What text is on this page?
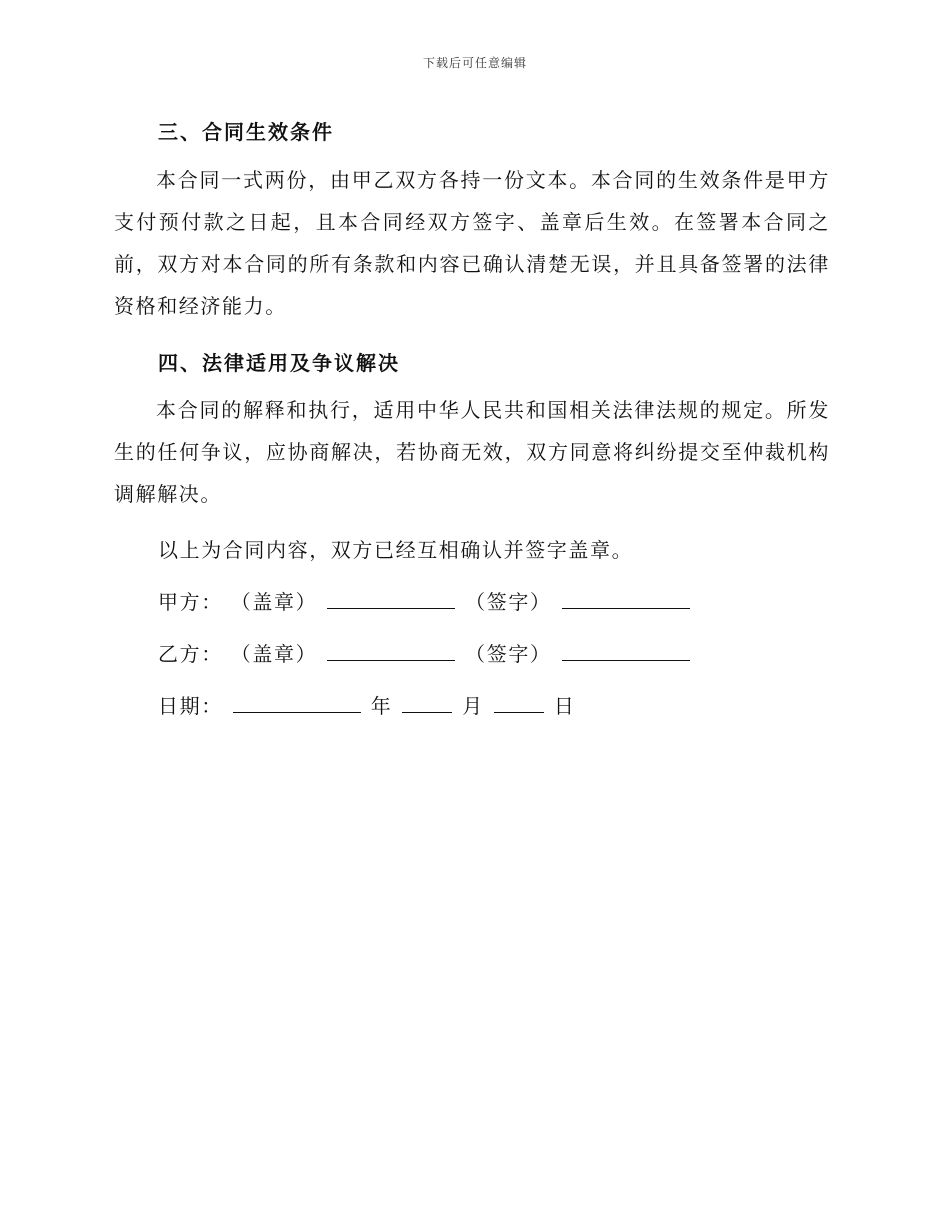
下载后可任意编辑
三、合同生效条件
本合同一式两份，由甲乙双方各持一份文本。本合同的生效条件是甲方支付预付款之日起，且本合同经双方签字、盖章后生效。在签署本合同之前，双方对本合同的所有条款和内容已确认清楚无误，并且具备签署的法律资格和经济能力。
四、法律适用及争议解决
本合同的解释和执行，适用中华人民共和国相关法律法规的规定。所发生的任何争议，应协商解决，若协商无效，双方同意将纠纷提交至仲裁机构调解解决。
以上为合同内容，双方已经互相确认并签字盖章。
甲方： （盖章）	（签字）
乙方： （盖章）	（签字）
日期：	年	月	日
